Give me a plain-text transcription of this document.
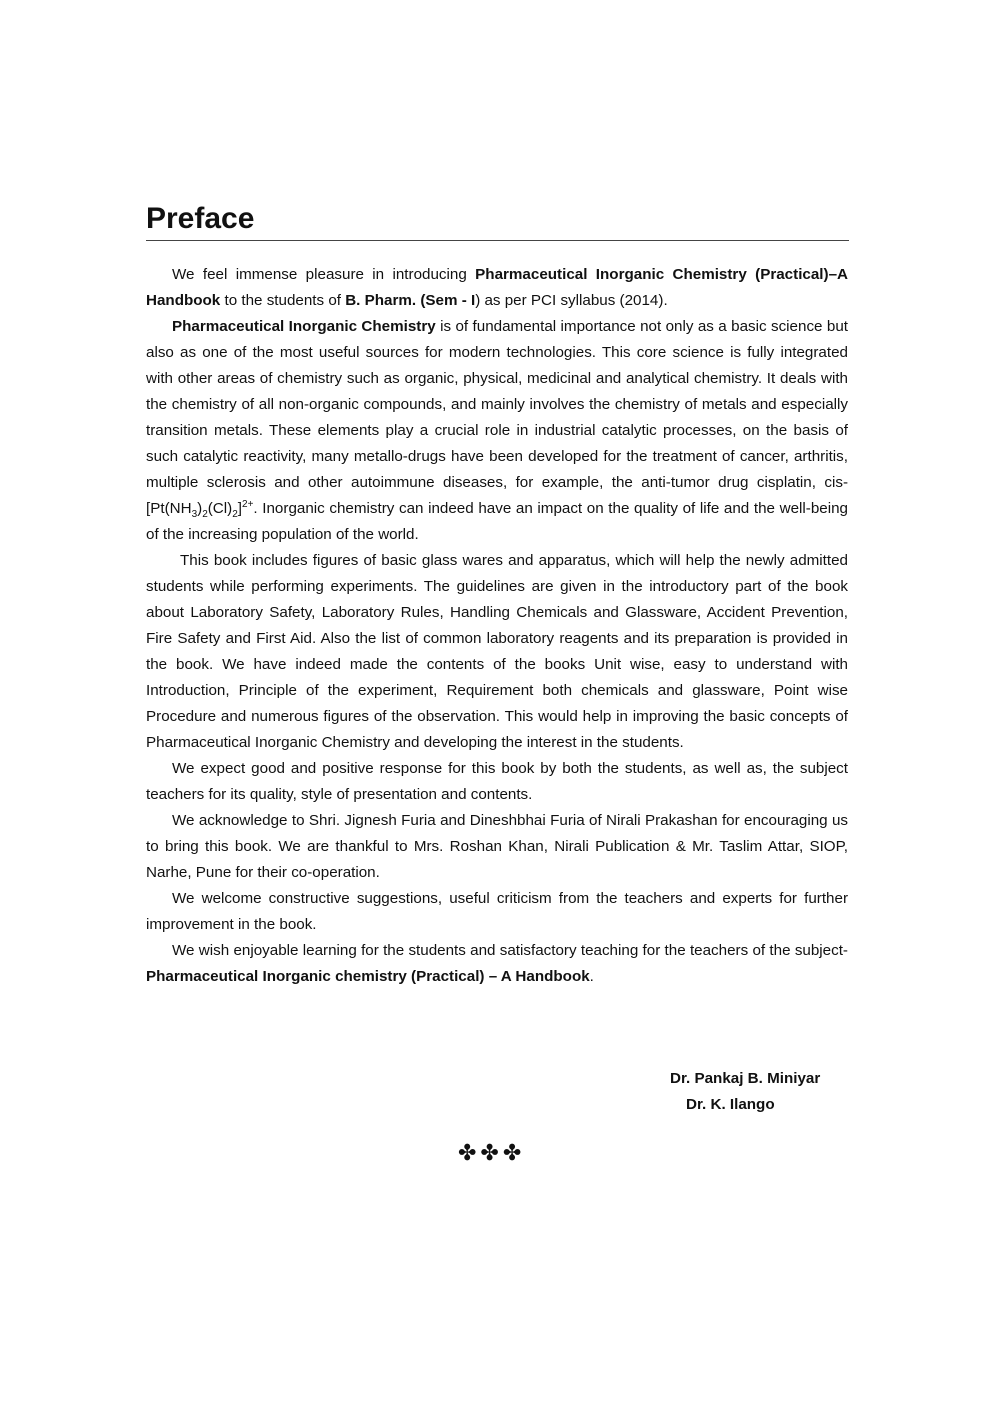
Preface

We feel immense pleasure in introducing Pharmaceutical Inorganic Chemistry (Practical)–A Handbook to the students of B. Pharm. (Sem - I) as per PCI syllabus (2014).

Pharmaceutical Inorganic Chemistry is of fundamental importance not only as a basic science but also as one of the most useful sources for modern technologies. This core science is fully integrated with other areas of chemistry such as organic, physical, medicinal and analytical chemistry. It deals with the chemistry of all non-organic compounds, and mainly involves the chemistry of metals and especially transition metals. These elements play a crucial role in industrial catalytic processes, on the basis of such catalytic reactivity, many metallo-drugs have been developed for the treatment of cancer, arthritis, multiple sclerosis and other autoimmune diseases, for example, the anti-tumor drug cisplatin, cis-$[Pt(NH_3)_2(Cl)_2]^{2+}$. Inorganic chemistry can indeed have an impact on the quality of life and the well-being of the increasing population of the world.

This book includes figures of basic glass wares and apparatus, which will help the newly admitted students while performing experiments. The guidelines are given in the introductory part of the book about Laboratory Safety, Laboratory Rules, Handling Chemicals and Glassware, Accident Prevention, Fire Safety and First Aid. Also the list of common laboratory reagents and its preparation is provided in the book. We have indeed made the contents of the books Unit wise, easy to understand with Introduction, Principle of the experiment, Requirement both chemicals and glassware, Point wise Procedure and numerous figures of the observation. This would help in improving the basic concepts of Pharmaceutical Inorganic Chemistry and developing the interest in the students.

We expect good and positive response for this book by both the students, as well as, the subject teachers for its quality, style of presentation and contents.

We acknowledge to Shri. Jignesh Furia and Dineshbhai Furia of Nirali Prakashan for encouraging us to bring this book. We are thankful to Mrs. Roshan Khan, Nirali Publication & Mr. Taslim Attar, SIOP, Narhe, Pune for their co-operation.

We welcome constructive suggestions, useful criticism from the teachers and experts for further improvement in the book.

We wish enjoyable learning for the students and satisfactory teaching for the teachers of the subject- Pharmaceutical Inorganic chemistry (Practical) – A Handbook.

Dr. Pankaj B. Miniyar
Dr. K. Ilango
✤✤✤
